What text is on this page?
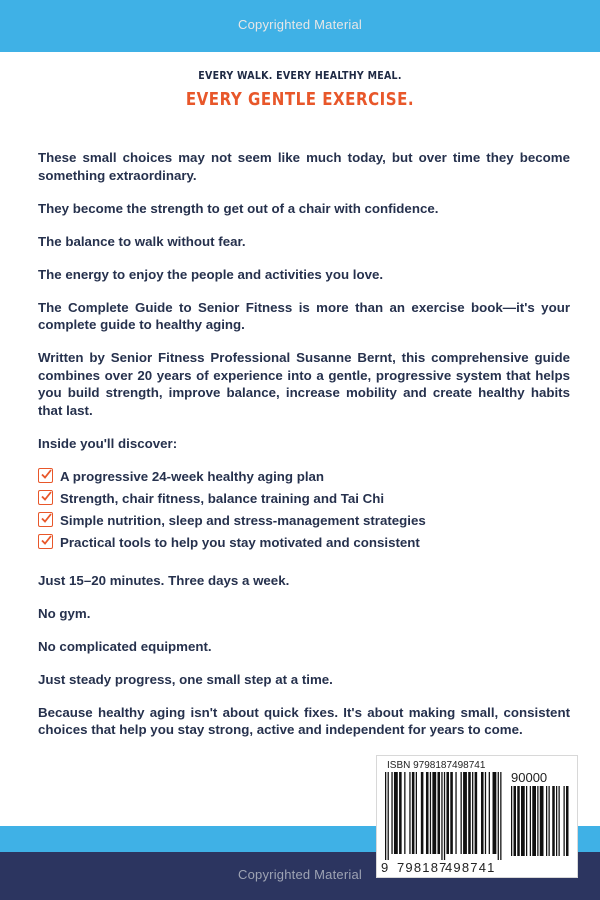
Copyrighted Material
EVERY WALK. EVERY HEALTHY MEAL.
EVERY GENTLE EXERCISE.

These small choices may not seem like much today, but over time they become something extraordinary.

They become the strength to get out of a chair with confidence.

The balance to walk without fear.

The energy to enjoy the people and activities you love.

The Complete Guide to Senior Fitness is more than an exercise book—it's your complete guide to healthy aging.

Written by Senior Fitness Professional Susanne Bernt, this comprehensive guide combines over 20 years of experience into a gentle, progressive system that helps you build strength, improve balance, increase mobility and create healthy habits that last.

Inside you'll discover:

A progressive 24-week healthy aging plan
Strength, chair fitness, balance training and Tai Chi
Simple nutrition, sleep and stress-management strategies
Practical tools to help you stay motivated and consistent

Just 15–20 minutes. Three days a week.

No gym.

No complicated equipment.

Just steady progress, one small step at a time.

Because healthy aging isn't about quick fixes. It's about making small, consistent choices that help you stay strong, active and independent for years to come.

Copyrighted Material
ISBN 9798187498741
90000
9 798187
498741
